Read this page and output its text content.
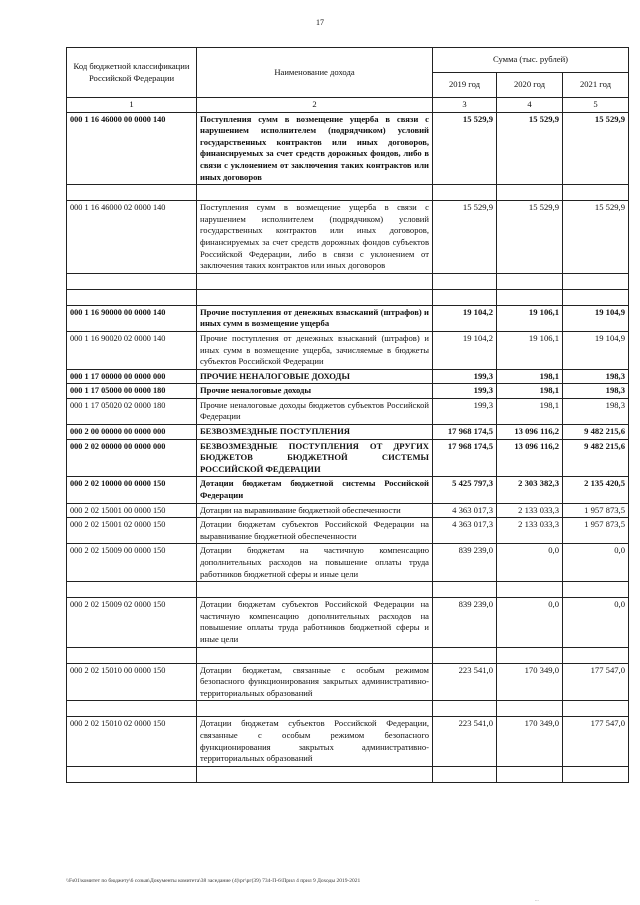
17
Код бюджетной классификации Российской Федерации	Наименование дохода	Сумма (тыс. рублей)		
		2019 год	2020 год	2021 год
1	2	3	4	5
000 1 16 46000 00 0000 140	Поступления сумм в возмещение ущерба в связи с нарушением исполнителем (подрядчиком) условий государственных контрактов или иных договоров, финансируемых за счет средств дорожных фондов, либо в связи с уклонением от заключения таких контрактов или иных договоров	15 529,9	15 529,9	15 529,9

000 1 16 46000 02 0000 140	Поступления сумм в возмещение ущерба в связи с нарушением исполнителем (подрядчиком) условий государственных контрактов или иных договоров, финансируемых за счет средств дорожных фондов субъектов Российской Федерации, либо в связи с уклонением от заключения таких контрактов или иных договоров	15 529,9	15 529,9	15 529,9

000 1 16 90000 00 0000 140	Прочие поступления от денежных взысканий (штрафов) и иных сумм в возмещение ущерба	19 104,2	19 106,1	19 104,9
000 1 16 90020 02 0000 140	Прочие поступления от денежных взысканий (штрафов) и иных сумм в возмещение ущерба, зачисляемые в бюджеты субъектов Российской Федерации	19 104,2	19 106,1	19 104,9
000 1 17 00000 00 0000 000	ПРОЧИЕ НЕНАЛОГОВЫЕ ДОХОДЫ	199,3	198,1	198,3
000 1 17 05000 00 0000 180	Прочие неналоговые доходы	199,3	198,1	198,3
000 1 17 05020 02 0000 180	Прочие неналоговые доходы бюджетов субъектов Российской Федерации	199,3	198,1	198,3
000 2 00 00000 00 0000 000	БЕЗВОЗМЕЗДНЫЕ ПОСТУПЛЕНИЯ	17 968 174,5	13 096 116,2	9 482 215,6
000 2 02 00000 00 0000 000	БЕЗВОЗМЕЗДНЫЕ ПОСТУПЛЕНИЯ ОТ ДРУГИХ БЮДЖЕТОВ БЮДЖЕТНОЙ СИСТЕМЫ РОССИЙСКОЙ ФЕДЕРАЦИИ	17 968 174,5	13 096 116,2	9 482 215,6
000 2 02 10000 00 0000 150	Дотации бюджетам бюджетной системы Российской Федерации	5 425 797,3	2 303 382,3	2 135 420,5
000 2 02 15001 00 0000 150	Дотации на выравнивание бюджетной обеспеченности	4 363 017,3	2 133 033,3	1 957 873,5
000 2 02 15001 02 0000 150	Дотации бюджетам субъектов Российской Федерации на выравнивание бюджетной обеспеченности	4 363 017,3	2 133 033,3	1 957 873,5
000 2 02 15009 00 0000 150	Дотации бюджетам на частичную компенсацию дополнительных расходов на повышение оплаты труда работников бюджетной сферы и иные цели	839 239,0	0,0	0,0

000 2 02 15009 02 0000 150	Дотации бюджетам субъектов Российской Федерации на частичную компенсацию дополнительных расходов на повышение оплаты труда работников бюджетной сферы и иные цели	839 239,0	0,0	0,0

000 2 02 15010 00 0000 150	Дотации бюджетам, связанные с особым режимом безопасного функционирования закрытых административно-территориальных образований	223 541,0	170 349,0	177 547,0

000 2 02 15010 02 0000 150	Дотации бюджетам субъектов Российской Федерации, связанные с особым режимом безопасного функционирования закрытых административно-территориальных образований	223 541,0	170 349,0	177 547,0

\\Fs01\комитет по бюджету\6 созыв\Документы комитета\38 заседание (4)\рг\рг(39) 734-П-6\Прил 4 прил 9 Доходы 2019-2021
...
